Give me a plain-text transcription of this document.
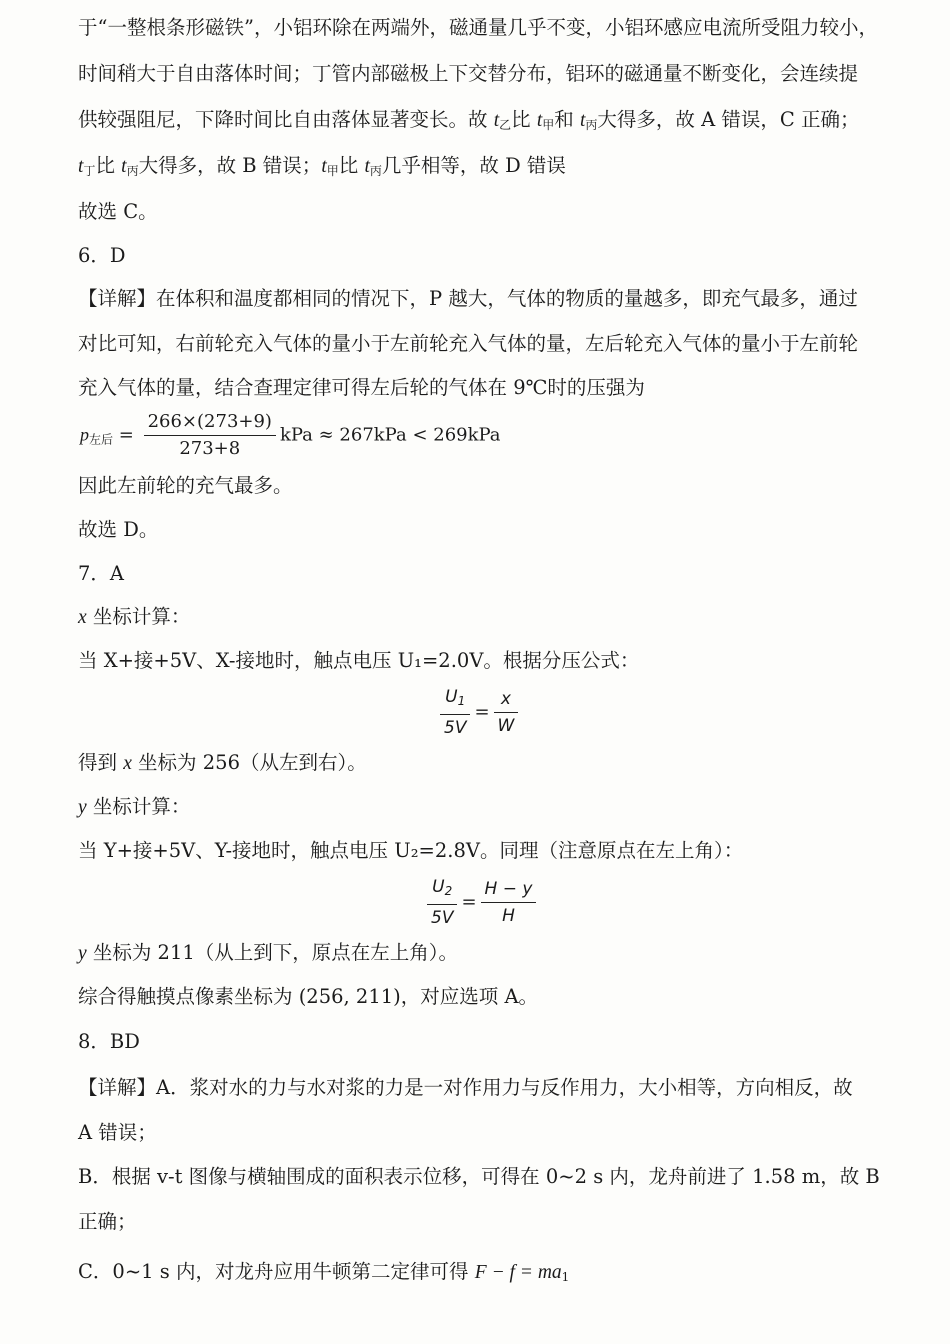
于“一整根条形磁铁”，小铝环除在两端外，磁通量几乎不变，小铝环感应电流所受阻力较小，
时间稍大于自由落体时间；丁管内部磁极上下交替分布，铝环的磁通量不断变化，会连续提
供较强阻尼，下降时间比自由落体显著变长。故 $t_乙$比 $t_甲$和 $t_丙$大得多，故 A 错误，C 正确；
$t_丁$比 $t_丙$大得多，故 B 错误；$t_甲$比 $t_丙$几乎相等，故 D 错误
故选 C。
6．D
【详解】在体积和温度都相同的情况下，P 越大，气体的物质的量越多，即充气最多，通过
对比可知，右前轮充入气体的量小于左前轮充入气体的量，左后轮充入气体的量小于左前轮
充入气体的量，结合查理定律可得左后轮的气体在 9℃时的压强为
$p_{左后} = \frac{266\times(273+9)}{273+8}$ kPa ≈ 267kPa < 269kPa
因此左前轮的充气最多。
故选 D。
7．A
x 坐标计算：
当 X+接+5V、X-接地时，触点电压 U₁=2.0V。根据分压公式：
$\frac{U_1}{5V} = \frac{x}{W}$
得到 x 坐标为 256（从左到右）。
y 坐标计算：
当 Y+接+5V、Y-接地时，触点电压 U₂=2.8V。同理（注意原点在左上角）：
$\frac{U_2}{5V} = \frac{H - y}{H}$
y 坐标为 211（从上到下，原点在左上角）。
综合得触摸点像素坐标为 (256, 211)，对应选项 A。
8．BD
【详解】A．浆对水的力与水对浆的力是一对作用力与反作用力，大小相等，方向相反，故
A 错误；
B．根据 v-t 图像与横轴围成的面积表示位移，可得在 0~2 s 内，龙舟前进了 1.58 m，故 B
正确；
C．0~1 s 内，对龙舟应用牛顿第二定律可得 $F - f = ma_1$
